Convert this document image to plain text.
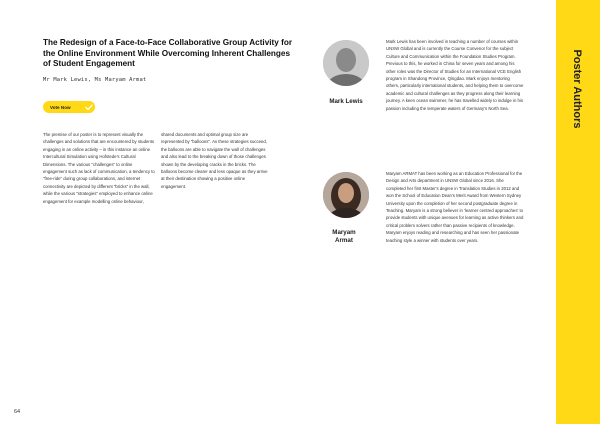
The Redesign of a Face-to-Face Collaborative Group Activity for the Online Environment While Overcoming Inherent Challenges of Student Engagement
Mr Mark Lewis, Ms Maryam Armat
Vote Now

The premise of our poster is to represent visually the challenges and solutions that are encountered by students engaging in an online activity – in this instance an online Intercultural Simulation using Hofstede's Cultural Dimensions. The various "challenges" to online engagement such as lack of communication, a tendency to "free-ride" during group collaborations, and internet connectivity are depicted by different "bricks" in the wall, while the various "strategies" employed to enhance online engagement for example modelling online behaviour,

shared documents and optimal group size are represented by "balloons". As these strategies succeed, the balloons are able to navigate the wall of challenges and also lead to the breaking down of those challenges shown by the developing cracks in the bricks. The balloons become clearer and less opaque as they arrive at their destination showing a positive online engagement.

Mark Lewis

Mark Lewis has been involved in teaching a number of courses within UNSW Global and is currently the Course Convenor for the subject Culture and Communication within the Foundation Studies Program. Previous to this, he worked in China for seven years and among his other roles was the Director of Studies for an International VCE English program in Shandong Province, Qingdao. Mark enjoys mentoring others, particularly international students, and helping them to overcome academic and cultural challenges as they progress along their learning journey. A keen ocean swimmer, he has travelled widely to indulge in his passion including the temperate waters of Germany's North Sea.

Maryam Armat

Maryam ARMAT has been working as an Education Professional for the Design and Arts department in UNSW Global since 2016. She completed her first Master's degree in Translation Studies in 2012 and won the School of Education Dean's Merit Award from Western Sydney University upon the completion of her second postgraduate degree in Teaching. Maryam is a strong believer in 'learner centred approaches' to provide students with unique avenues for learning as active thinkers and critical problem solvers rather than passive recipients of knowledge. Maryam enjoys reading and researching and has seen her passionate teaching style a winner with students over years.

64
Poster Authors
